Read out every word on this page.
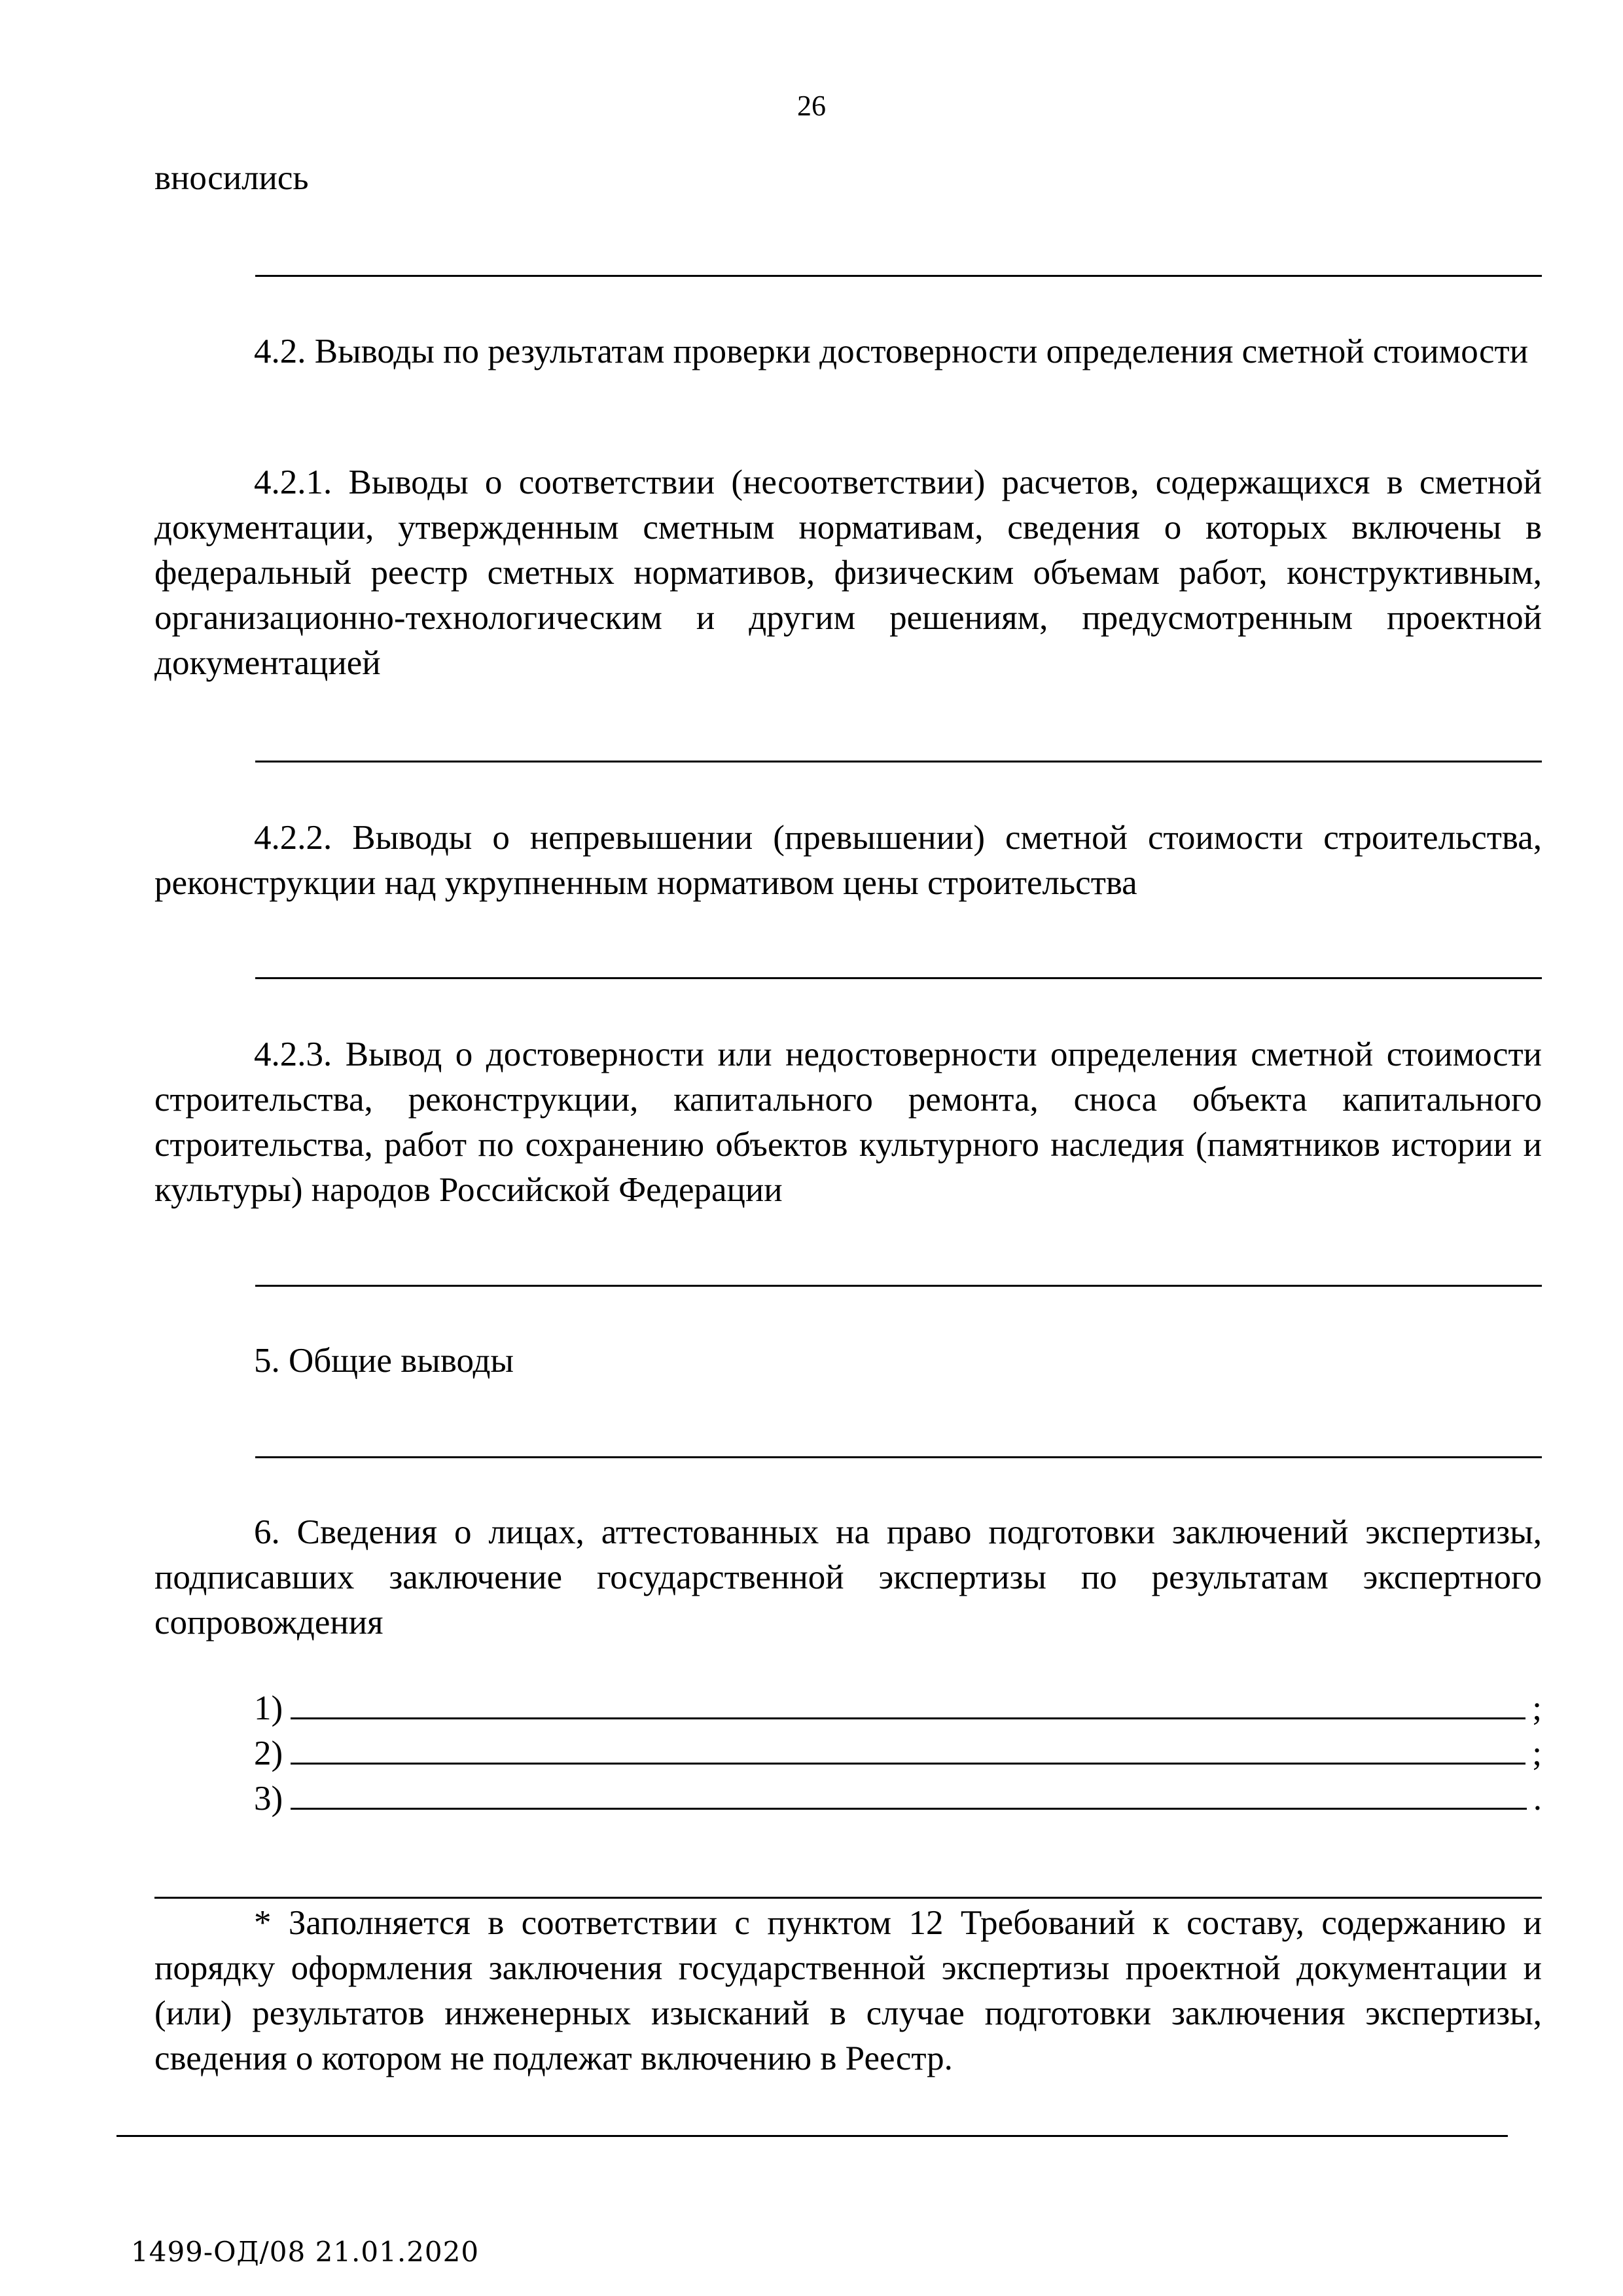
26
вносились
4.2. Выводы по результатам проверки достоверности определения сметной стоимости
4.2.1. Выводы о соответствии (несоответствии) расчетов, содержащихся в сметной документации, утвержденным сметным нормативам, сведения о которых включены в федеральный реестр сметных нормативов, физическим объемам работ, конструктивным, организационно-технологическим и другим решениям, предусмотренным проектной документацией
4.2.2. Выводы о непревышении (превышении) сметной стоимости строительства, реконструкции над укрупненным нормативом цены строительства
4.2.3. Вывод о достоверности или недостоверности определения сметной стоимости строительства, реконструкции, капитального ремонта, сноса объекта капитального строительства, работ по сохранению объектов культурного наследия (памятников истории и культуры) народов Российской Федерации
5. Общие выводы
6. Сведения о лицах, аттестованных на право подготовки заключений экспертизы, подписавших заключение государственной экспертизы по результатам экспертного сопровождения
1)	;
2)	;
3)	.
* Заполняется в соответствии с пунктом 12 Требований к составу, содержанию и порядку оформления заключения государственной экспертизы проектной документации и (или) результатов инженерных изысканий в случае подготовки заключения экспертизы, сведения о котором не подлежат включению в Реестр.
1499-ОД/08 21.01.2020
